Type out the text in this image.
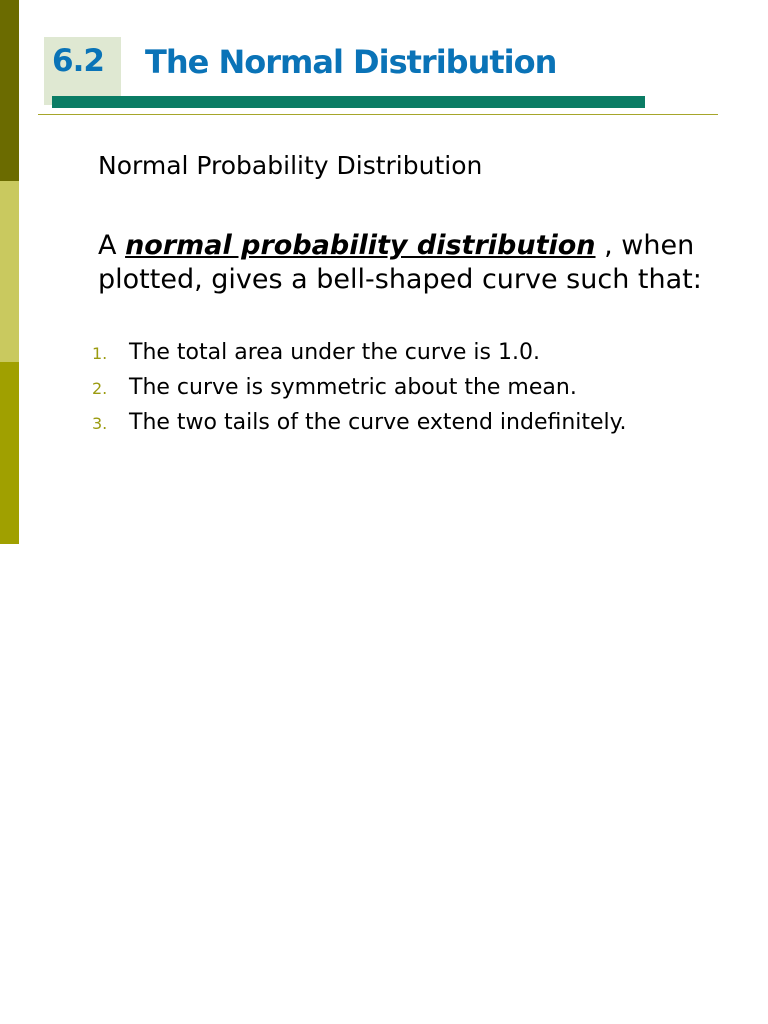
6.2 The Normal Distribution
Normal Probability Distribution
A normal probability distribution , when plotted, gives a bell-shaped curve such that:
1. The total area under the curve is 1.0.
2. The curve is symmetric about the mean.
3. The two tails of the curve extend indefinitely.
